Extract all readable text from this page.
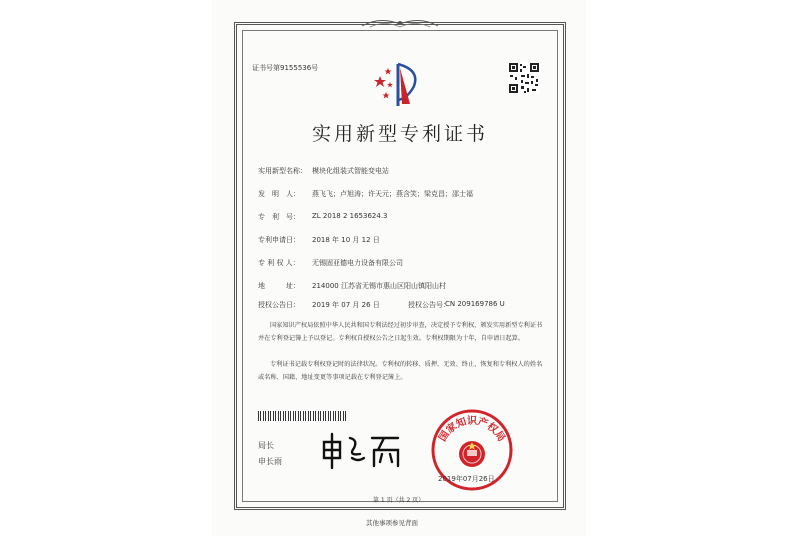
证书号第9155536号
实用新型专利证书
实用新型名称： 模块化组装式智能变电站
发　明　人： 燕飞飞；卢旭涛；许天元；燕含笑；梁克昌；邵士福
专　利　号： ZL 2018 2 1653624.3
专利申请日： 2018 年 10 月 12 日
专 利 权 人： 无锡固亚德电力设备有限公司
地　　　址： 214000 江苏省无锡市惠山区阳山镇阳山村
授权公告日： 2019 年 07 月 26 日	授权公告号：
CN 209169786 U
国家知识产权局依照中华人民共和国专利法经过初步审查，决定授予专利权，颁发实用新型专利证书并在专利登记簿上予以登记。专利权自授权公告之日起生效。专利权期限为十年，自申请日起算。
专利证书记载专利权登记时的法律状况。专利权的转移、质押、无效、终止、恢复和专利权人的姓名或名称、国籍、地址变更等事项记载在专利登记簿上。
局长
申长雨
国家知识产权局
2019年07月26日
第 1 页（共 2 页）
其他事项参见背面
